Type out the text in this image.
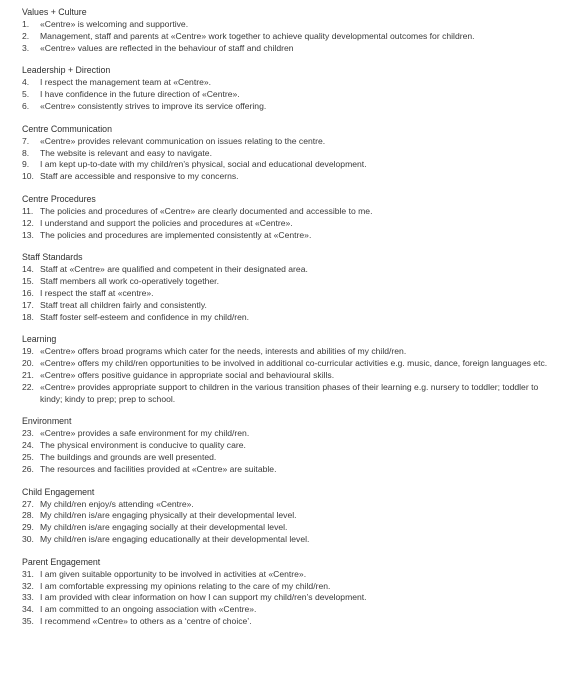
Values + Culture
1.	«Centre» is welcoming and supportive.
2.	Management, staff and parents at «Centre» work together to achieve quality developmental outcomes for children.
3.	«Centre» values are reflected in the behaviour of staff and children
Leadership + Direction
4.	I respect the management team at «Centre».
5.	I have confidence in the future direction of «Centre».
6.	«Centre» consistently strives to improve its service offering.
Centre Communication
7.	«Centre» provides relevant communication on issues relating to the centre.
8.	The website is relevant and easy to navigate.
9.	I am kept up-to-date with my child/ren’s physical, social and educational development.
10. Staff are accessible and responsive to my concerns.
Centre Procedures
11. The policies and procedures of «Centre» are clearly documented and accessible to me.
12. I understand and support the policies and procedures at «Centre».
13. The policies and procedures are implemented consistently at «Centre».
Staff Standards
14. Staff at «Centre» are qualified and competent in their designated area.
15. Staff members all work co-operatively together.
16. I respect the staff at «centre».
17. Staff treat all children fairly and consistently.
18. Staff foster self-esteem and confidence in my child/ren.
Learning
19. «Centre» offers broad programs which cater for the needs, interests and abilities of my child/ren.
20. «Centre» offers my child/ren opportunities to be involved in additional co-curricular activities e.g. music, dance, foreign languages etc.
21. «Centre» offers positive guidance in appropriate social and behavioural skills.
22. «Centre» provides appropriate support to children in the various transition phases of their learning e.g. nursery to toddler; toddler to kindy; kindy to prep; prep to school.
Environment
23. «Centre» provides a safe environment for my child/ren.
24. The physical environment is conducive to quality care.
25. The buildings and grounds are well presented.
26. The resources and facilities provided at «Centre» are suitable.
Child Engagement
27. My child/ren enjoy/s attending «Centre».
28. My child/ren is/are engaging physically at their developmental level.
29. My child/ren is/are engaging socially at their developmental level.
30. My child/ren is/are engaging educationally at their developmental level.
Parent Engagement
31. I am given suitable opportunity to be involved in activities at «Centre».
32. I am comfortable expressing my opinions relating to the care of my child/ren.
33. I am provided with clear information on how I can support my child/ren’s development.
34. I am committed to an ongoing association with «Centre».
35. I recommend «Centre» to others as a ‘centre of choice’.
